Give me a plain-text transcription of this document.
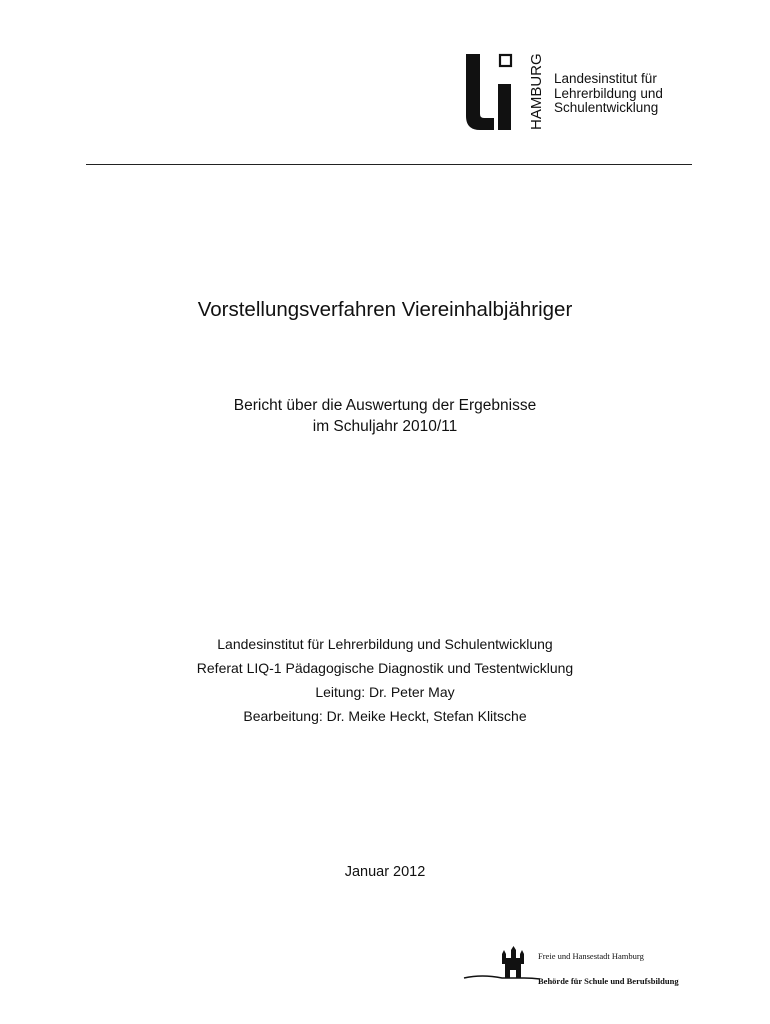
HAMBURG Landesinstitut für
Lehrerbildung und
Schulentwicklung
Vorstellungsverfahren Viereinhalbjähriger
Bericht über die Auswertung der Ergebnisse
im Schuljahr 2010/11
Landesinstitut für Lehrerbildung und Schulentwicklung
Referat LIQ-1 Pädagogische Diagnostik und Testentwicklung
Leitung: Dr. Peter May
Bearbeitung: Dr. Meike Heckt, Stefan Klitsche
Januar 2012
Freie und Hansestadt Hamburg
Behörde für Schule und Berufsbildung
